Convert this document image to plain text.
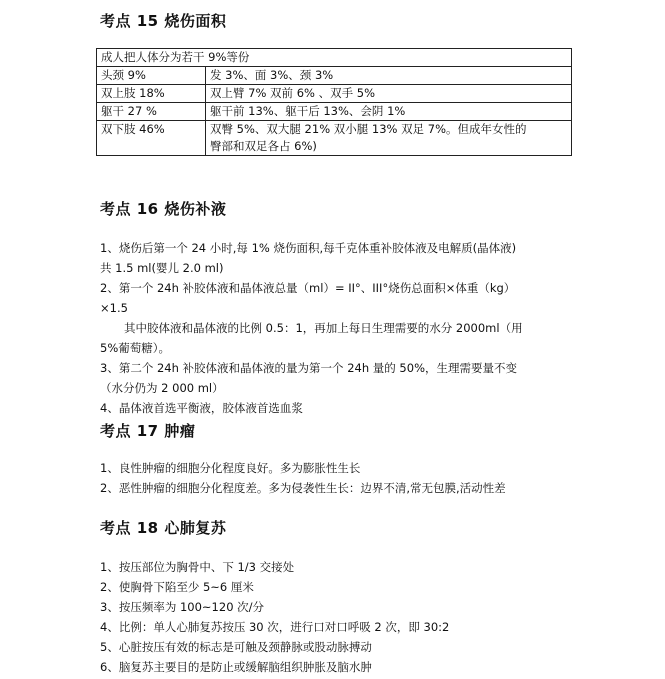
考点 15 烧伤面积
成人把人体分为若干 9%等份	
头颈 9%	发 3%、面 3%、颈 3%
双上肢 18%	双上臂 7% 双前 6% 、双手 5%
躯干 27 %	躯干前 13%、躯干后 13%、会阴 1%
双下肢 46%	双臀 5%、双大腿 21% 双小腿 13% 双足 7%。但成年女性的
臀部和双足各占 6%)
考点 16 烧伤补液

1、烧伤后第一个 24 小时,每 1% 烧伤面积,每千克体重补胶体液及电解质(晶体液)

共 1.5 ml(婴儿 2.0 ml)

2、第一个 24h 补胶体液和晶体液总量（ml）= II°、III°烧伤总面积×体重（kg）

×1.5

其中胶体液和晶体液的比例 0.5：1，再加上每日生理需要的水分 2000ml（用

5%葡萄糖）。

3、第二个 24h 补胶体液和晶体液的量为第一个 24h 量的 50%，生理需要量不变

（水分仍为 2 000 ml）

4、晶体液首选平衡液，胶体液首选血浆

考点 17 肿瘤

1、良性肿瘤的细胞分化程度良好。多为膨胀性生长

2、恶性肿瘤的细胞分化程度差。多为侵袭性生长：边界不清,常无包膜,活动性差

考点 18 心肺复苏

1、按压部位为胸骨中、下 1/3 交接处

2、使胸骨下陷至少 5~6 厘米

3、按压频率为 100~120 次/分

4、比例：单人心肺复苏按压 30 次，进行口对口呼吸 2 次，即 30:2

5、心脏按压有效的标志是可触及颈静脉或股动脉搏动

6、脑复苏主要目的是防止或缓解脑组织肿胀及脑水肿
